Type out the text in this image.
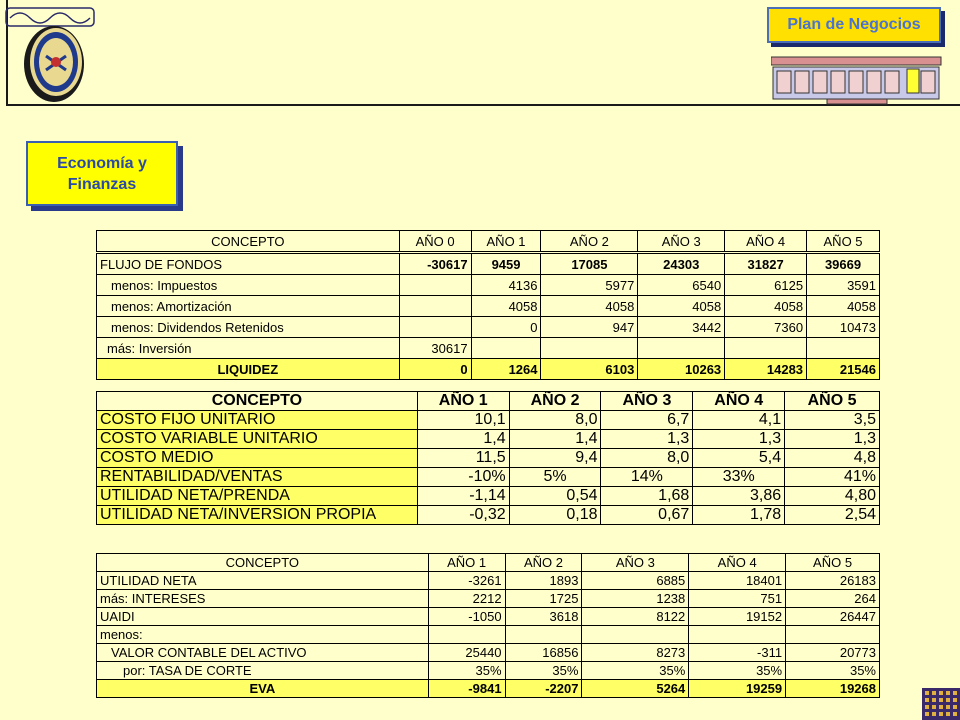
Plan de Negocios
Economía y
Finanzas
CONCEPTO	AÑO 0	AÑO 1	AÑO 2	AÑO 3	AÑO 4	AÑO 5
FLUJO DE FONDOS	-30617	9459	17085	24303	31827	39669
menos: Impuestos		4136	5977	6540	6125	3591
menos: Amortización		4058	4058	4058	4058	4058
menos: Dividendos Retenidos		0	947	3442	7360	10473
más: Inversión	30617					
LIQUIDEZ	0	1264	6103	10263	14283	21546
CONCEPTO	AÑO 1	AÑO 2	AÑO 3	AÑO 4	AÑO 5
COSTO FIJO UNITARIO	10,1	8,0	6,7	4,1	3,5
COSTO VARIABLE UNITARIO	1,4	1,4	1,3	1,3	1,3
COSTO MEDIO	11,5	9,4	8,0	5,4	4,8
RENTABILIDAD/VENTAS	-10%	5%	14%	33%	41%
UTILIDAD NETA/PRENDA	-1,14	0,54	1,68	3,86	4,80
UTILIDAD NETA/INVERSION PROPIA	-0,32	0,18	0,67	1,78	2,54
CONCEPTO	AÑO 1	AÑO 2	AÑO 3	AÑO 4	AÑO 5
UTILIDAD NETA	-3261	1893	6885	18401	26183
más: INTERESES	2212	1725	1238	751	264
UAIDI	-1050	3618	8122	19152	26447
menos:					
VALOR CONTABLE DEL ACTIVO	25440	16856	8273	-311	20773
por: TASA DE CORTE	35%	35%	35%	35%	35%
EVA	-9841	-2207	5264	19259	19268
